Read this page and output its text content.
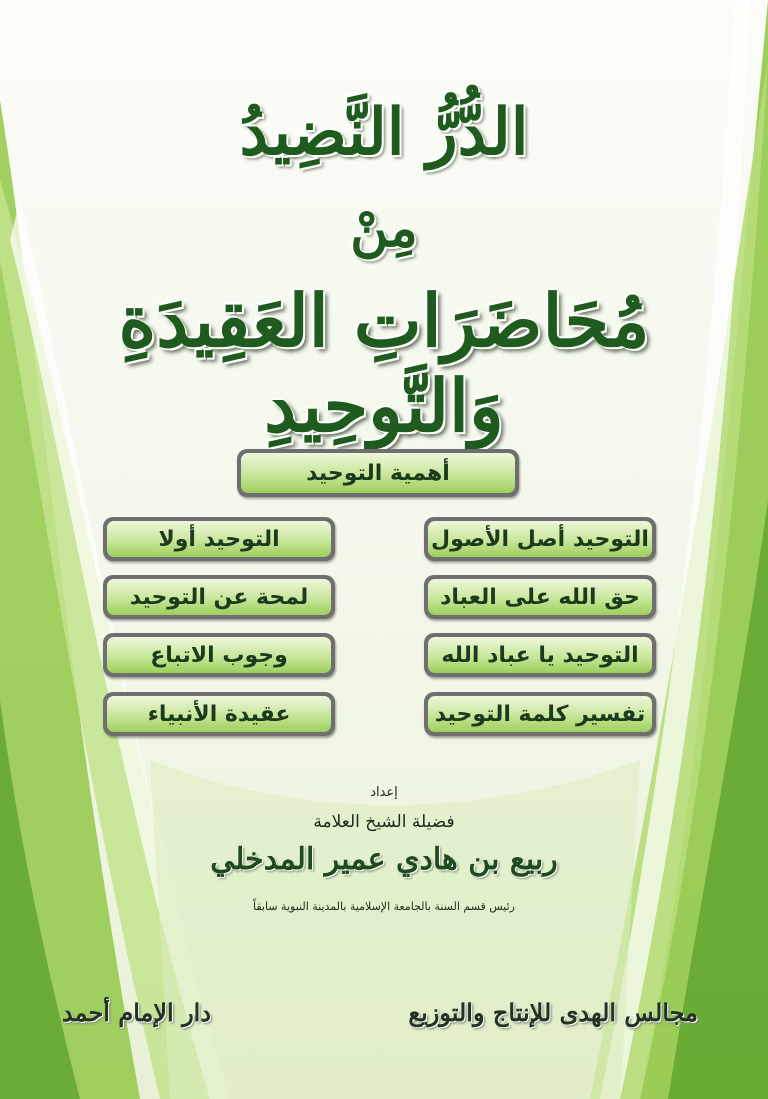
الدُّرُّ النَّضِيدُ
مِنْ
مُحَاضَرَاتِ العَقِيدَةِ وَالتَّوحِيدِ
أهمية التوحيد
التوحيد أصل الأصول
حق الله على العباد
التوحيد يا عباد الله
تفسير كلمة التوحيد
التوحيد أولا
لمحة عن التوحيد
وجوب الاتباع
عقيدة الأنبياء
إعداد
فضيلة الشيخ العلامة
ربيع بن هادي عمير المدخلي
رئيس قسم السنة بالجامعة الإسلامية بالمدينة النبوية سابقاً
مجالس الهدى للإنتاج والتوزيع
دار الإمام أحمد
